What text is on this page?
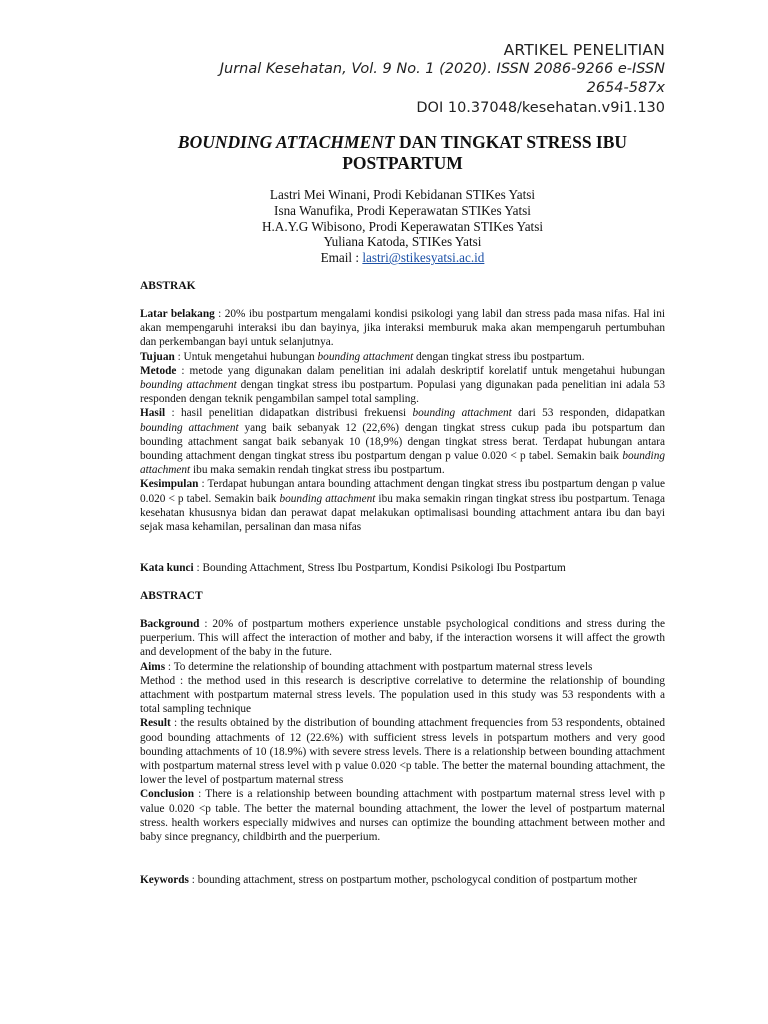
ARTIKEL PENELITIAN
Jurnal Kesehatan, Vol. 9 No. 1 (2020). ISSN 2086-9266 e-ISSN
2654-587x
DOI 10.37048/kesehatan.v9i1.130
BOUNDING ATTACHMENT DAN TINGKAT STRESS IBU
POSTPARTUM
Lastri Mei Winani, Prodi Kebidanan STIKes Yatsi
Isna Wanufika, Prodi Keperawatan STIKes Yatsi
H.A.Y.G Wibisono, Prodi Keperawatan STIKes Yatsi
Yuliana Katoda, STIKes Yatsi
Email : lastri@stikesyatsi.ac.id

ABSTRAK

Latar belakang : 20% ibu postpartum mengalami kondisi psikologi yang labil dan stress pada masa nifas. Hal ini akan mempengaruhi interaksi ibu dan bayinya, jika interaksi memburuk maka akan mempengaruh pertumbuhan dan perkembangan bayi untuk selanjutnya.

Tujuan : Untuk mengetahui hubungan bounding attachment dengan tingkat stress ibu postpartum.

Metode : metode yang digunakan dalam penelitian ini adalah deskriptif korelatif untuk mengetahui hubungan bounding attachment dengan tingkat stress ibu postpartum. Populasi yang digunakan pada penelitian ini adala 53 responden dengan teknik pengambilan sampel total sampling.

Hasil : hasil penelitian didapatkan distribusi frekuensi bounding attachment dari 53 responden, didapatkan bounding attachment yang baik sebanyak 12 (22,6%) dengan tingkat stress cukup pada ibu potspartum dan bounding attachment sangat baik sebanyak 10 (18,9%) dengan tingkat stress berat. Terdapat hubungan antara bounding attachment dengan tingkat stress ibu postpartum dengan p value 0.020 < p tabel. Semakin baik bounding attachment ibu maka semakin rendah tingkat stress ibu postpartum.

Kesimpulan : Terdapat hubungan antara bounding attachment dengan tingkat stress ibu postpartum dengan p value 0.020 < p tabel. Semakin baik bounding attachment ibu maka semakin ringan tingkat stress ibu postpartum. Tenaga kesehatan khususnya bidan dan perawat dapat melakukan optimalisasi bounding attachment antara ibu dan bayi sejak masa kehamilan, persalinan dan masa nifas

Kata kunci : Bounding Attachment, Stress Ibu Postpartum, Kondisi Psikologi Ibu Postpartum

ABSTRACT

Background : 20% of postpartum mothers experience unstable psychological conditions and stress during the puerperium. This will affect the interaction of mother and baby, if the interaction worsens it will affect the growth and development of the baby in the future.

Aims : To determine the relationship of bounding attachment with postpartum maternal stress levels

Method : the method used in this research is descriptive correlative to determine the relationship of bounding attachment with postpartum maternal stress levels. The population used in this study was 53 respondents with a total sampling technique

Result : the results obtained by the distribution of bounding attachment frequencies from 53 respondents, obtained good bounding attachments of 12 (22.6%) with sufficient stress levels in potspartum mothers and very good bounding attachments of 10 (18.9%) with severe stress levels. There is a relationship between bounding attachment with postpartum maternal stress level with p value 0.020 <p table. The better the maternal bounding attachment, the lower the level of postpartum maternal stress

Conclusion : There is a relationship between bounding attachment with postpartum maternal stress level with p value 0.020 <p table. The better the maternal bounding attachment, the lower the level of postpartum maternal stress. health workers especially midwives and nurses can optimize the bounding attachment between mother and baby since pregnancy, childbirth and the puerperium.

Keywords : bounding attachment, stress on postpartum mother, pschologycal condition of postpartum mother
